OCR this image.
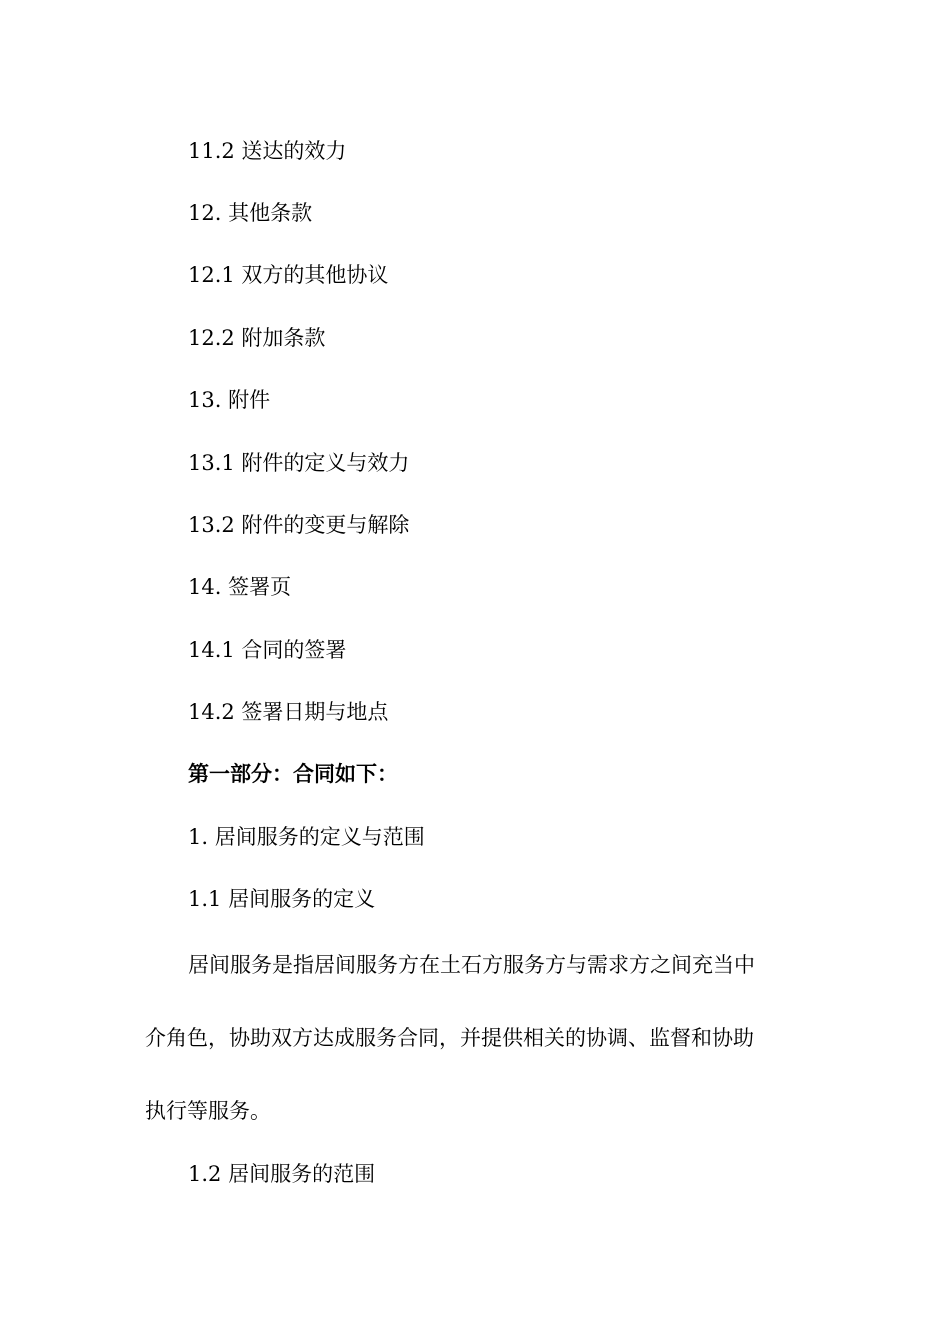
11.2 送达的效力

12. 其他条款

12.1 双方的其他协议

12.2 附加条款

13. 附件

13.1 附件的定义与效力

13.2 附件的变更与解除

14. 签署页

14.1 合同的签署

14.2 签署日期与地点

第一部分：合同如下：

1. 居间服务的定义与范围

1.1 居间服务的定义

居间服务是指居间服务方在土石方服务方与需求方之间充当中

介角色，协助双方达成服务合同，并提供相关的协调、监督和协助

执行等服务。

1.2 居间服务的范围
